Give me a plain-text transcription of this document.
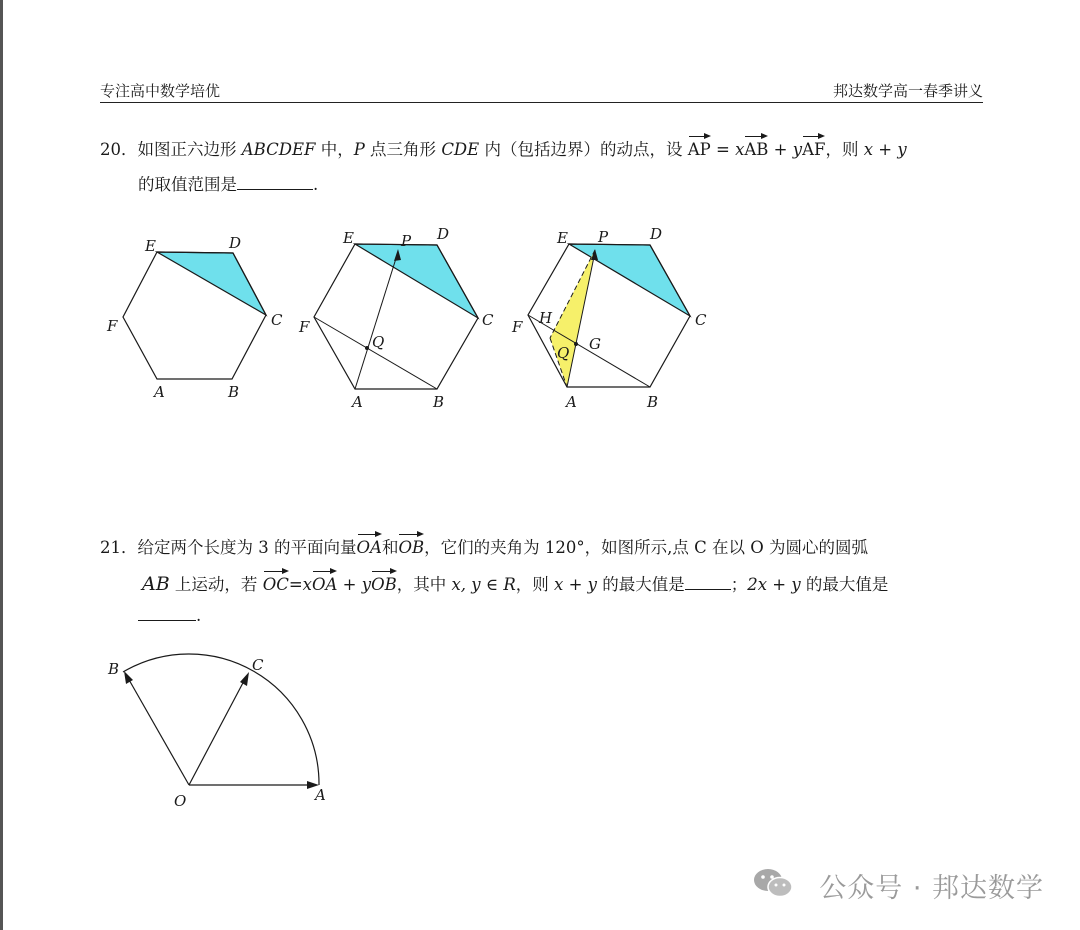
专注高中数学培优	邦达数学高一春季讲义
20．如图正六边形 ABCDEF 中，P 点三角形 CDE 内（包括边界）的动点，设 AP = xAB + yAF，则 x + y
的取值范围是	.
E	D
F	C
A	B
E	P D
F
Q
C
A	B
E P	D
H
F
Q G
C
A	B
21．给定两个长度为 3 的平面向量OA和OB，它们的夹角为 120°，如图所示,点 C 在以 O 为圆心的圆弧
AB 上运动，若 OC=xOA + yOB，其中 x, y ∈ R，则 x + y 的最大值是	；2x + y 的最大值是
.
B	C
O	A
公众号 · 邦达数学
